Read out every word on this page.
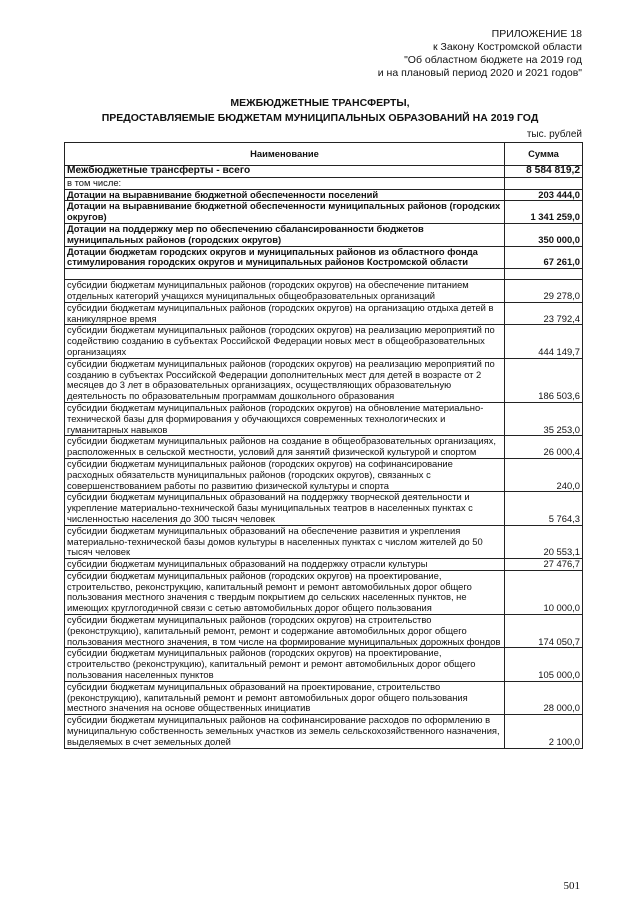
ПРИЛОЖЕНИЕ 18
к Закону Костромской области
"Об областном бюджете на 2019 год
и на плановый период 2020 и 2021 годов"
МЕЖБЮДЖЕТНЫЕ ТРАНСФЕРТЫ,
ПРЕДОСТАВЛЯЕМЫЕ БЮДЖЕТАМ МУНИЦИПАЛЬНЫХ ОБРАЗОВАНИЙ НА 2019 ГОД
тыс. рублей
Наименование	Сумма
Межбюджетные трансферты - всего	8 584 819,2
в том числе:	
Дотации на выравнивание бюджетной обеспеченности поселений	203 444,0
Дотации на выравнивание бюджетной обеспеченности муниципальных районов (городских округов)	1 341 259,0
Дотации на поддержку мер по обеспечению сбалансированности бюджетов муниципальных районов (городских округов)	350 000,0
Дотации бюджетам городских округов и муниципальных районов из областного фонда стимулирования городских округов и муниципальных районов Костромской области	67 261,0

субсидии бюджетам муниципальных районов (городских округов) на обеспечение питанием отдельных категорий учащихся муниципальных общеобразовательных организаций	29 278,0
субсидии бюджетам муниципальных районов (городских округов) на организацию отдыха детей в каникулярное время	23 792,4
субсидии бюджетам муниципальных районов (городских округов) на реализацию мероприятий по содействию созданию в субъектах Российской Федерации новых мест в общеобразовательных организациях	444 149,7
субсидии бюджетам муниципальных районов (городских округов) на реализацию мероприятий по созданию в субъектах Российской Федерации дополнительных мест для детей в возрасте от 2 месяцев до 3 лет в образовательных организациях, осуществляющих образовательную деятельность по образовательным программам дошкольного образования	186 503,6
субсидии бюджетам муниципальных районов (городских округов) на обновление материально-технической базы для формирования у обучающихся современных технологических и гуманитарных навыков	35 253,0
субсидии бюджетам муниципальных районов на создание в общеобразовательных организациях, расположенных в сельской местности, условий для занятий физической культурой и спортом	26 000,4
субсидии бюджетам муниципальных районов (городских округов) на софинансирование расходных обязательств муниципальных районов (городских округов), связанных с совершенствованием работы по развитию физической культуры и спорта	240,0
субсидии бюджетам муниципальных образований на поддержку творческой деятельности и укрепление материально-технической базы муниципальных театров в населенных пунктах с численностью населения до 300 тысяч человек	5 764,3
субсидии бюджетам муниципальных образований на обеспечение развития и укрепления материально-технической базы домов культуры в населенных пунктах с числом жителей до 50 тысяч человек	20 553,1
субсидии бюджетам муниципальных образований на поддержку отрасли культуры	27 476,7
субсидии бюджетам муниципальных районов (городских округов) на проектирование, строительство, реконструкцию, капитальный ремонт и ремонт автомобильных дорог общего пользования местного значения с твердым покрытием до сельских населенных пунктов, не имеющих круглогодичной связи с сетью автомобильных дорог общего пользования	10 000,0
субсидии бюджетам муниципальных районов (городских округов) на строительство (реконструкцию), капитальный ремонт, ремонт и содержание автомобильных дорог общего пользования местного значения, в том числе на формирование муниципальных дорожных фондов	174 050,7
субсидии бюджетам муниципальных районов (городских округов) на проектирование, строительство (реконструкцию), капитальный ремонт и ремонт автомобильных дорог общего пользования населенных пунктов	105 000,0
субсидии бюджетам муниципальных образований на проектирование, строительство (реконструкцию), капитальный ремонт и ремонт автомобильных дорог общего пользования местного значения на основе общественных инициатив	28 000,0
субсидии бюджетам муниципальных районов на софинансирование расходов по оформлению в муниципальную собственность земельных участков из земель сельскохозяйственного назначения, выделяемых в счет земельных долей	2 100,0
501
